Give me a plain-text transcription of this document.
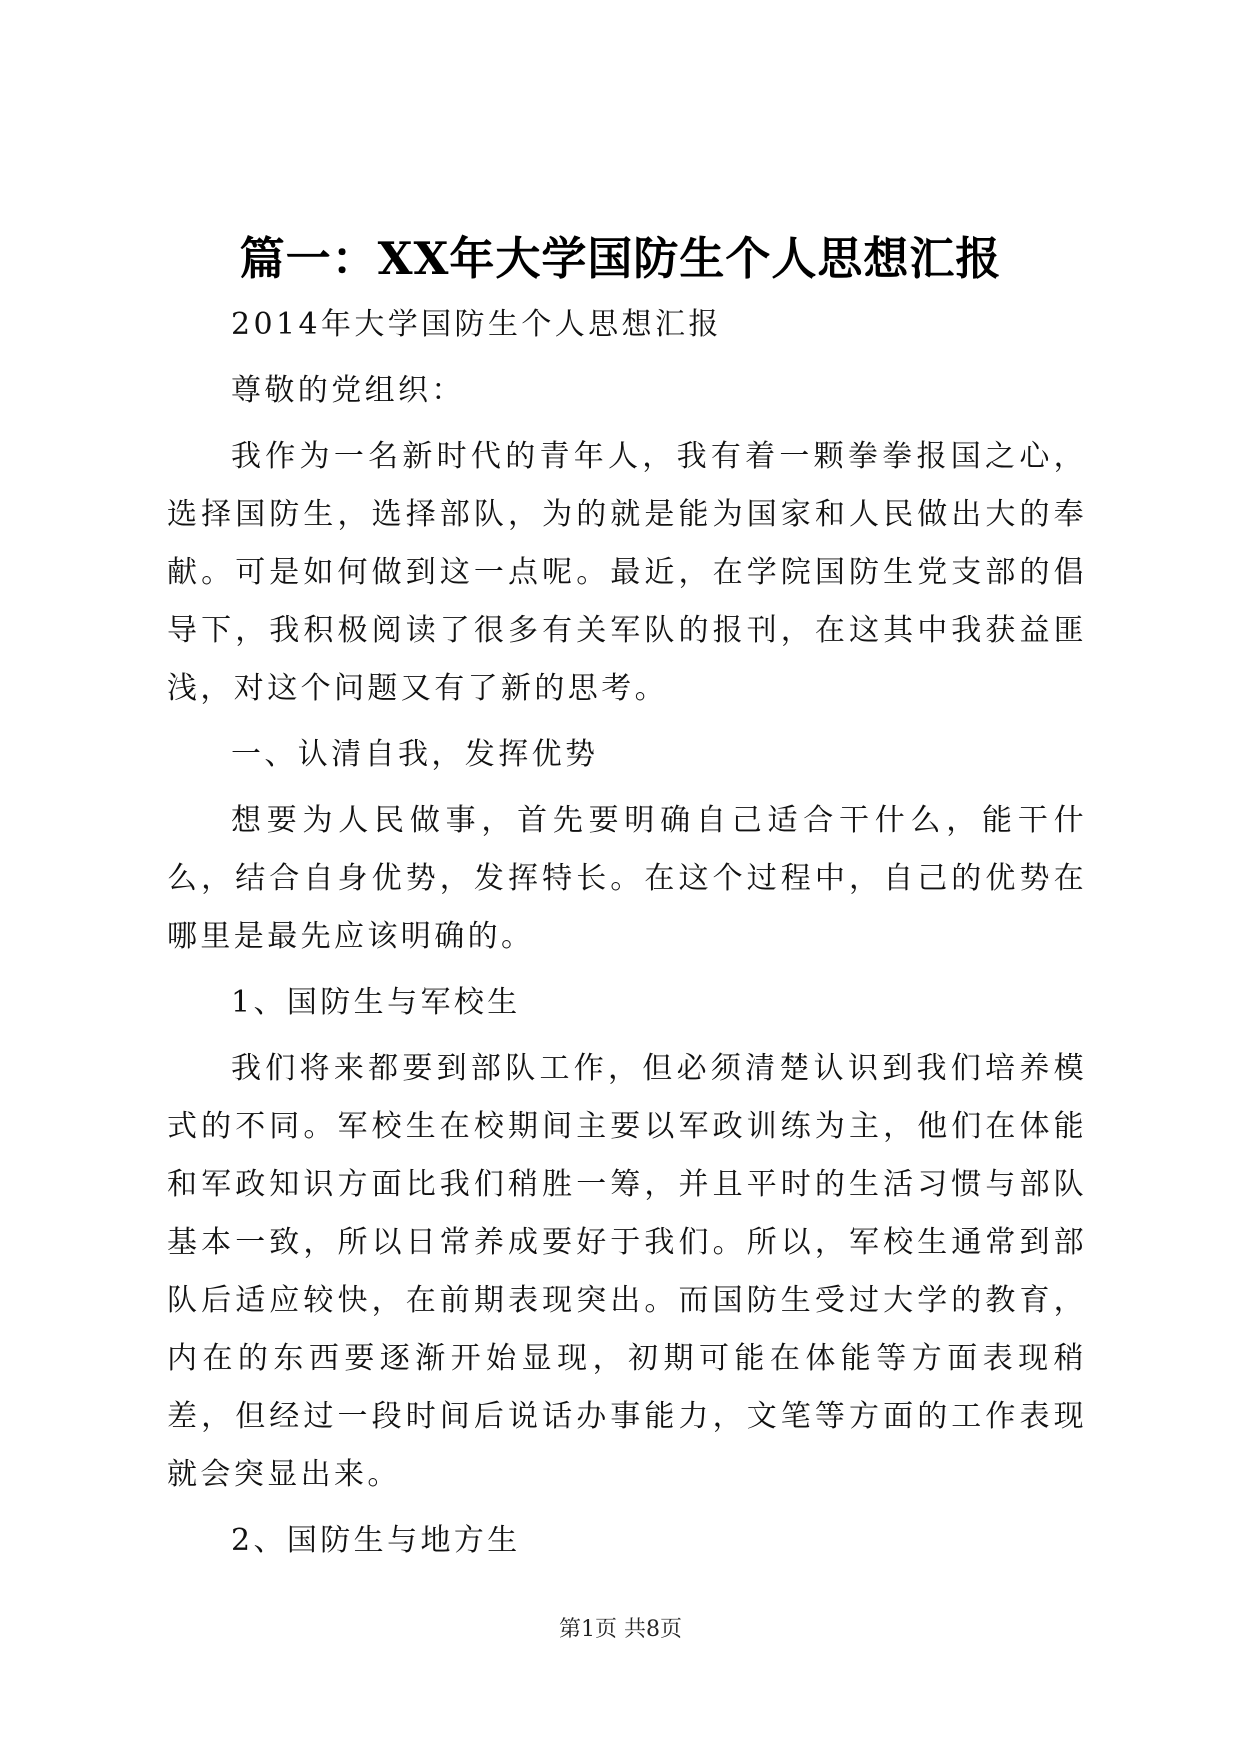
篇一：XX年大学国防生个人思想汇报

2014年大学国防生个人思想汇报

尊敬的党组织：

我作为一名新时代的青年人，我有着一颗拳拳报国之心，选择国防生，选择部队，为的就是能为国家和人民做出大的奉献。可是如何做到这一点呢。最近，在学院国防生党支部的倡导下，我积极阅读了很多有关军队的报刊，在这其中我获益匪浅，对这个问题又有了新的思考。

一、认清自我，发挥优势

想要为人民做事，首先要明确自己适合干什么，能干什么，结合自身优势，发挥特长。在这个过程中，自己的优势在哪里是最先应该明确的。

1、国防生与军校生

我们将来都要到部队工作，但必须清楚认识到我们培养模式的不同。军校生在校期间主要以军政训练为主，他们在体能和军政知识方面比我们稍胜一筹，并且平时的生活习惯与部队基本一致，所以日常养成要好于我们。所以，军校生通常到部队后适应较快，在前期表现突出。而国防生受过大学的教育，内在的东西要逐渐开始显现，初期可能在体能等方面表现稍差，但经过一段时间后说话办事能力，文笔等方面的工作表现就会突显出来。

2、国防生与地方生

第1页 共8页
